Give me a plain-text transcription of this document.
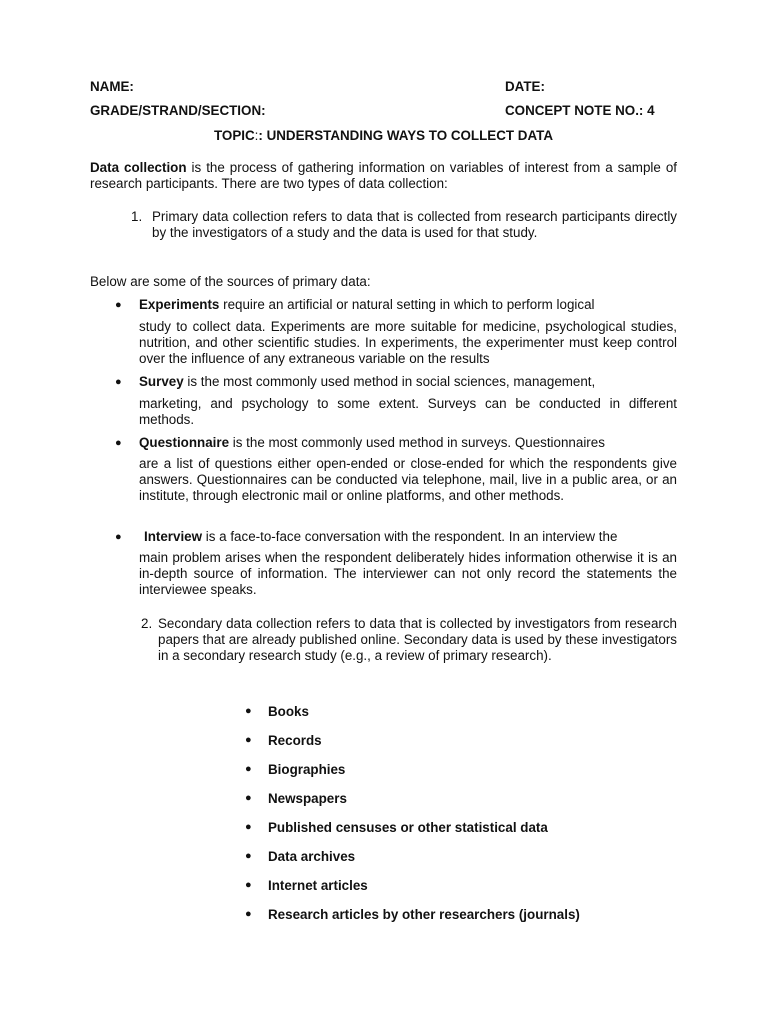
NAME:	DATE:
GRADE/STRAND/SECTION:	CONCEPT NOTE NO.: 4
TOPIC:: UNDERSTANDING WAYS TO COLLECT DATA
Data collection is the process of gathering information on variables of interest from a sample of research participants. There are two types of data collection:
1. Primary data collection refers to data that is collected from research participants directly by the investigators of a study and the data is used for that study.
Below are some of the sources of primary data:
● Experiments require an artificial or natural setting in which to perform logical
study to collect data. Experiments are more suitable for medicine, psychological studies, nutrition, and other scientific studies. In experiments, the experimenter must keep control over the influence of any extraneous variable on the results
● Survey is the most commonly used method in social sciences, management,
marketing, and psychology to some extent. Surveys can be conducted in different methods.
● Questionnaire is the most commonly used method in surveys. Questionnaires
are a list of questions either open-ended or close-ended for which the respondents give answers. Questionnaires can be conducted via telephone, mail, live in a public area, or an institute, through electronic mail or online platforms, and other methods.
● Interview is a face-to-face conversation with the respondent. In an interview the
main problem arises when the respondent deliberately hides information otherwise it is an in-depth source of information. The interviewer can not only record the statements the interviewee speaks.
2. Secondary data collection refers to data that is collected by investigators from research papers that are already published online. Secondary data is used by these investigators in a secondary research study (e.g., a review of primary research).
● Books
● Records
● Biographies
● Newspapers
● Published censuses or other statistical data
● Data archives
● Internet articles
● Research articles by other researchers (journals)
